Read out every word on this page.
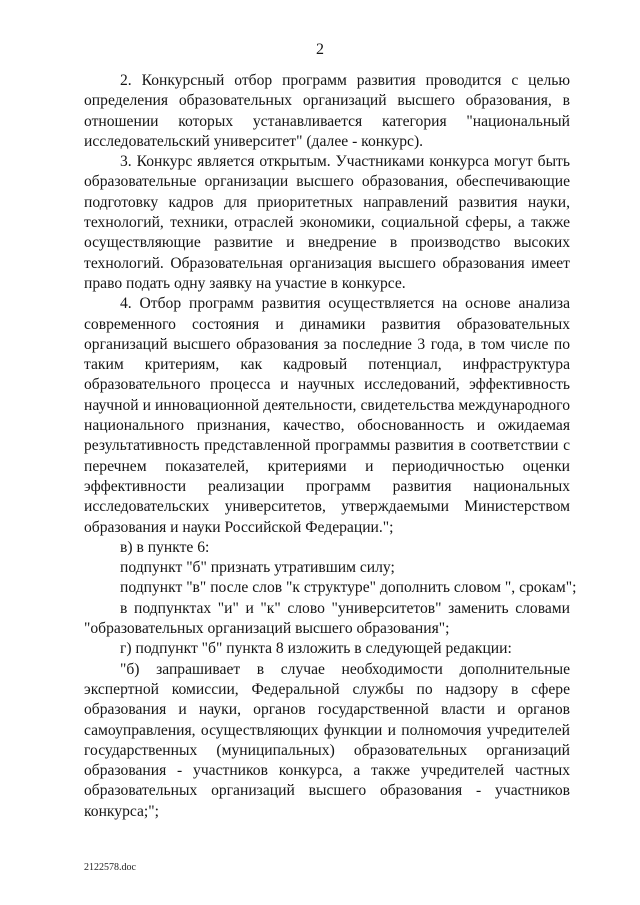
2
2. Конкурсный отбор программ развития проводится с целью
определения образовательных организаций высшего образования, в
отношении которых устанавливается категория "национальный
исследовательский университет" (далее - конкурс).
3. Конкурс является открытым. Участниками конкурса могут быть
образовательные организации высшего образования, обеспечивающие
подготовку кадров для приоритетных направлений развития науки,
технологий, техники, отраслей экономики, социальной сферы, а также
осуществляющие развитие и внедрение в производство высоких
технологий. Образовательная организация высшего образования имеет
право подать одну заявку на участие в конкурсе.
4. Отбор программ развития осуществляется на основе анализа
современного состояния и динамики развития образовательных
организаций высшего образования за последние 3 года, в том числе по
таким критериям, как кадровый потенциал, инфраструктура
образовательного процесса и научных исследований, эффективность
научной и инновационной деятельности, свидетельства международного
национального признания, качество, обоснованность и ожидаемая
результативность представленной программы развития в соответствии с
перечнем показателей, критериями и периодичностью оценки
эффективности реализации программ развития национальных
исследовательских университетов, утверждаемыми Министерством
образования и науки Российской Федерации.";
в) в пункте 6:
подпункт "б" признать утратившим силу;
подпункт "в" после слов "к структуре" дополнить словом ", срокам";
в подпунктах "и" и "к" слово "университетов" заменить словами
"образовательных организаций высшего образования";
г) подпункт "б" пункта 8 изложить в следующей редакции:
"б) запрашивает в случае необходимости дополнительные
экспертной комиссии, Федеральной службы по надзору в сфере
образования и науки, органов государственной власти и органов
самоуправления, осуществляющих функции и полномочия учредителей
государственных (муниципальных) образовательных организаций
образования - участников конкурса, а также учредителей частных
образовательных организаций высшего образования - участников
конкурса;";
2122578.doc
